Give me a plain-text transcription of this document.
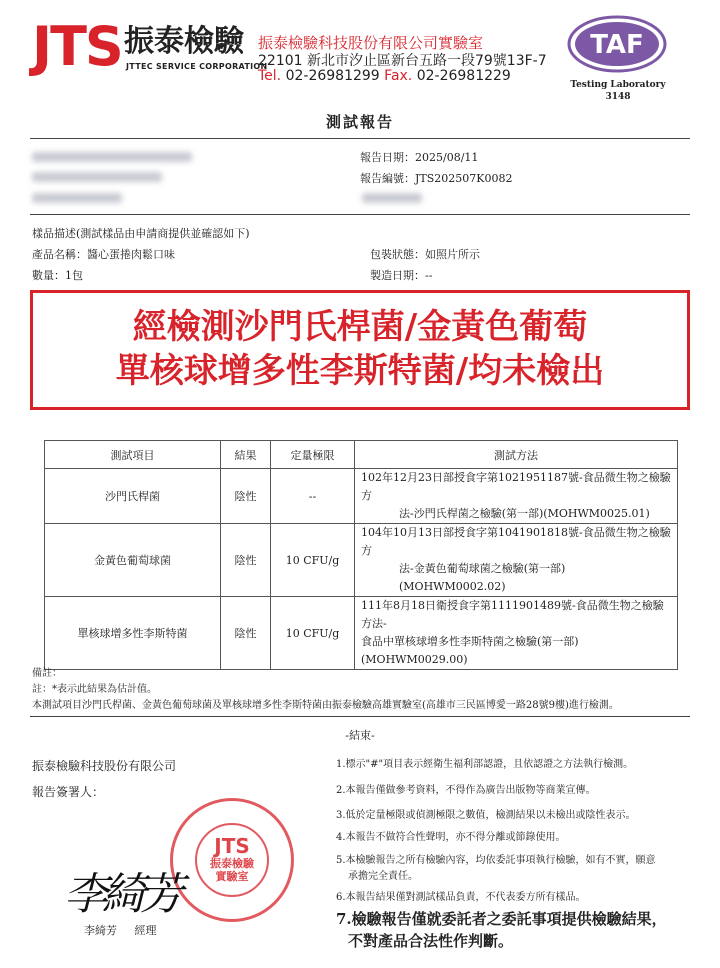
JTS 振泰檢驗
JTTEC SERVICE CORPORATION
振泰檢驗科技股份有限公司實驗室
22101 新北市汐止區新台五路一段79號13F-7
Tel. 02-26981299 Fax. 02-26981229
TAF
Testing Laboratory
3148
測試報告
報告日期：2025/08/11
報告編號：JTS202507K0082
樣品描述(測試樣品由申請商提供並確認如下)
產品名稱：醬心蛋捲肉鬆口味	包裝狀態：如照片所示
數量：1包	製造日期：--
經檢測沙門氏桿菌/金黃色葡萄
單核球增多性李斯特菌/均未檢出
測試項目	結果	定量極限	測試方法
沙門氏桿菌	陰性	--	102年12月23日部授食字第1021951187號-食品微生物之檢驗方
法-沙門氏桿菌之檢驗(第一部)(MOHWM0025.01)

金黃色葡萄球菌	陰性	10 CFU/g	104年10月13日部授食字第1041901818號-食品微生物之檢驗方
法-金黃色葡萄球菌之檢驗(第一部)(MOHWM0002.02)

單核球增多性李斯特菌	陰性	10 CFU/g	111年8月18日衛授食字第1111901489號-食品微生物之檢驗方法-
食品中單核球增多性李斯特菌之檢驗(第一部)(MOHWM0029.00)
備註：
註：*表示此結果為估計值。
本測試項目沙門氏桿菌、金黃色葡萄球菌及單核球增多性李斯特菌由振泰檢驗高雄實驗室(高雄市三民區博愛一路28號9樓)進行檢測。
-結束-
振泰檢驗科技股份有限公司
報告簽署人：
JTS
振泰檢驗
實驗室
李綺芳
李綺芳 經理
1.標示"#"項目表示經衛生福利部認證，且依認證之方法執行檢測。
2.本報告僅做參考資料，不得作為廣告出版物等商業宣傳。
3.低於定量極限或偵測極限之數值，檢測結果以未檢出或陰性表示。
4.本報告不做符合性聲明，亦不得分離或節錄使用。
5.本檢驗報告之所有檢驗內容，均依委託事項執行檢驗，如有不實，願意
承擔完全責任。
6.本報告結果僅對測試樣品負責，不代表委方所有樣品。
7.檢驗報告僅就委託者之委託事項提供檢驗結果，
不對產品合法性作判斷。
